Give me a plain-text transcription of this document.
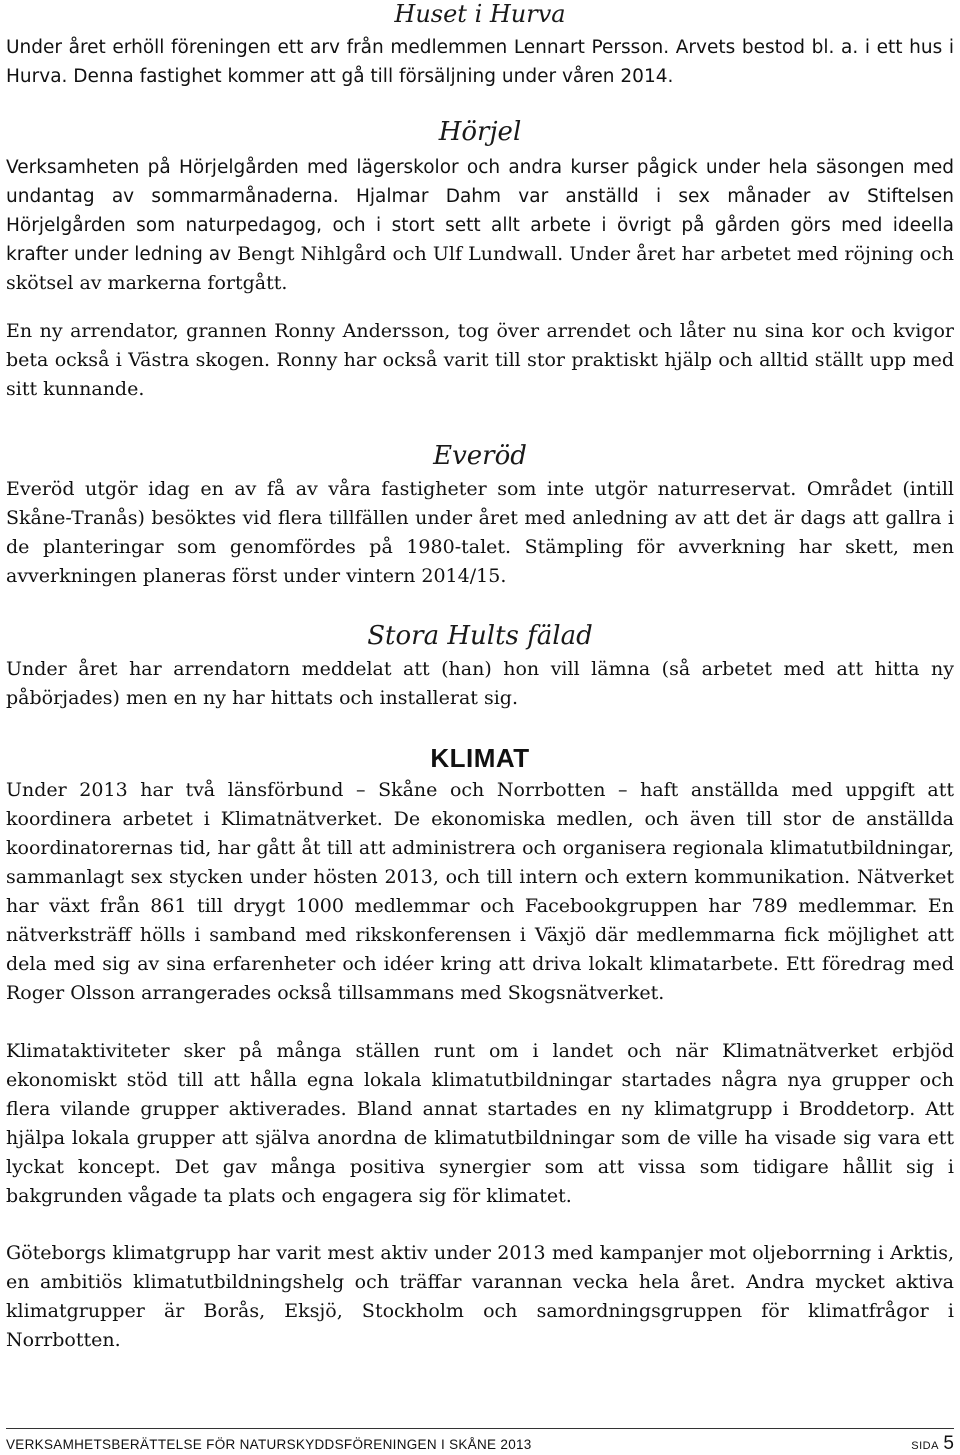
Huset i Hurva

Under året erhöll föreningen ett arv från medlemmen Lennart Persson. Arvets bestod bl. a. i ett hus i Hurva. Denna fastighet kommer att gå till försäljning under våren 2014.

Hörjel

Verksamheten på Hörjelgården med lägerskolor och andra kurser pågick under hela säsongen med undantag av sommarmånaderna. Hjalmar Dahm var anställd i sex månader av Stiftelsen Hörjelgården som naturpedagog, och i stort sett allt arbete i övrigt på gården görs med ideella krafter under ledning av Bengt Nihlgård och Ulf Lundwall. Under året har arbetet med röjning och skötsel av markerna fortgått.

En ny arrendator, grannen Ronny Andersson, tog över arrendet och låter nu sina kor och kvigor beta också i Västra skogen. Ronny har också varit till stor praktiskt hjälp och alltid ställt upp med sitt kunnande.

Everöd

Everöd utgör idag en av få av våra fastigheter som inte utgör naturreservat. Området (intill Skåne-Tranås) besöktes vid flera tillfällen under året med anledning av att det är dags att gallra i de planteringar som genomfördes på 1980-talet. Stämpling för avverkning har skett, men avverkningen planeras först under vintern 2014/15.

Stora Hults fälad

Under året har arrendatorn meddelat att (han) hon vill lämna (så arbetet med att hitta ny påbörjades) men en ny har hittats och installerat sig.

KLIMAT

Under 2013 har två länsförbund – Skåne och Norrbotten – haft anställda med uppgift att koordinera arbetet i Klimatnätverket. De ekonomiska medlen, och även till stor de anställda koordinatorernas tid, har gått åt till att administrera och organisera regionala klimatutbildningar, sammanlagt sex stycken under hösten 2013, och till intern och extern kommunikation. Nätverket har växt från 861 till drygt 1000 medlemmar och Facebookgruppen har 789 medlemmar. En nätverksträff hölls i samband med rikskonferensen i Växjö där medlemmarna fick möjlighet att dela med sig av sina erfarenheter och idéer kring att driva lokalt klimatarbete. Ett föredrag med Roger Olsson arrangerades också tillsammans med Skogsnätverket.

Klimataktiviteter sker på många ställen runt om i landet och när Klimatnätverket erbjöd ekonomiskt stöd till att hålla egna lokala klimatutbildningar startades några nya grupper och flera vilande grupper aktiverades. Bland annat startades en ny klimatgrupp i Broddetorp. Att hjälpa lokala grupper att själva anordna de klimatutbildningar som de ville ha visade sig vara ett lyckat koncept. Det gav många positiva synergier som att vissa som tidigare hållit sig i bakgrunden vågade ta plats och engagera sig för klimatet.

Göteborgs klimatgrupp har varit mest aktiv under 2013 med kampanjer mot oljeborrning i Arktis, en ambitiös klimatutbildningshelg och träffar varannan vecka hela året. Andra mycket aktiva klimatgrupper är Borås, Eksjö, Stockholm och samordningsgruppen för klimatfrågor i Norrbotten.

VERKSAMHETSBERÄTTELSE FÖR NATURSKYDDSFÖRENINGEN I SKÅNE 2013	SIDA 5
